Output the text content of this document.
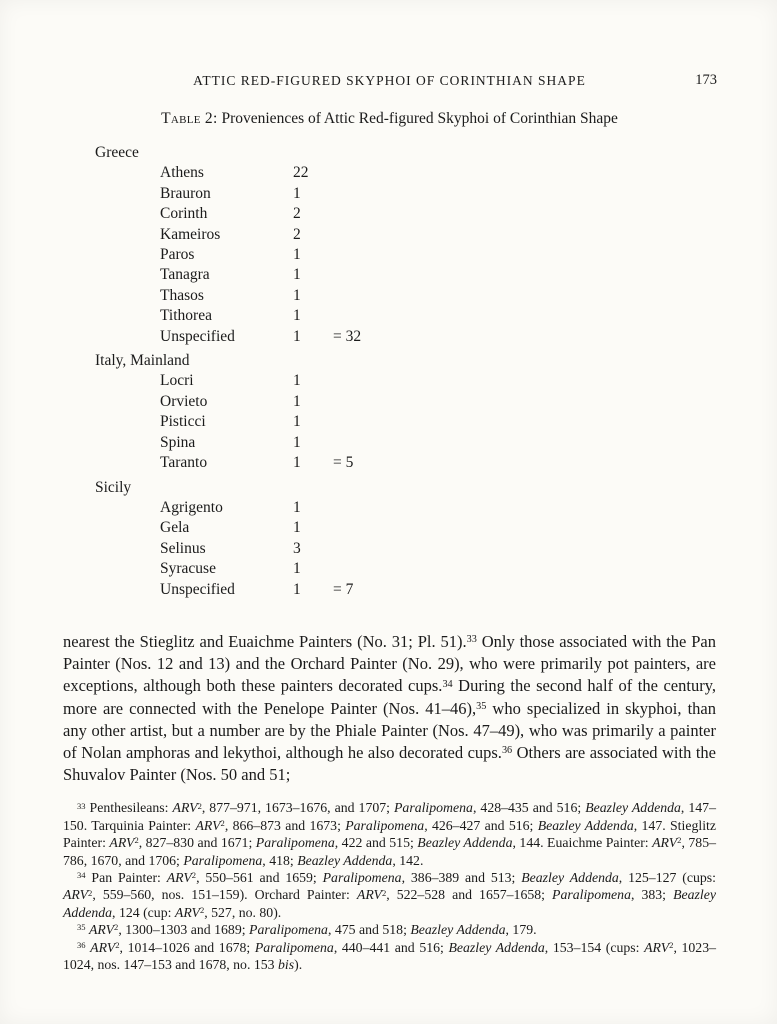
ATTIC RED-FIGURED SKYPHOI OF CORINTHIAN SHAPE	173
Table 2: Proveniences of Attic Red-figured Skyphoi of Corinthian Shape
Greece
Athens	22
Brauron	1
Corinth	2
Kameiros	2
Paros	1
Tanagra	1
Thasos	1
Tithorea	1
Unspecified	1 = 32
Italy, Mainland
Locri	1
Orvieto	1
Pisticci	1
Spina	1
Taranto	1 = 5
Sicily
Agrigento	1
Gela	1
Selinus	3
Syracuse	1
Unspecified	1 = 7

nearest the Stieglitz and Euaichme Painters (No. 31; Pl. 51).$^{33}$ Only those associated with the Pan Painter (Nos. 12 and 13) and the Orchard Painter (No. 29), who were primarily pot painters, are exceptions, although both these painters decorated cups.$^{34}$ During the second half of the century, more are connected with the Penelope Painter (Nos. 41–46),$^{35}$ who specialized in skyphoi, than any other artist, but a number are by the Phiale Painter (Nos. 47–49), who was primarily a painter of Nolan amphoras and lekythoi, although he also decorated cups.$^{36}$ Others are associated with the Shuvalov Painter (Nos. 50 and 51;

$^{33}$ Penthesileans: ARV$^2$, 877–971, 1673–1676, and 1707; Paralipomena, 428–435 and 516; Beazley Addenda, 147–150. Tarquinia Painter: ARV$^2$, 866–873 and 1673; Paralipomena, 426–427 and 516; Beazley Addenda, 147. Stieglitz Painter: ARV$^2$, 827–830 and 1671; Paralipomena, 422 and 515; Beazley Addenda, 144. Euaichme Painter: ARV$^2$, 785–786, 1670, and 1706; Paralipomena, 418; Beazley Addenda, 142.

$^{34}$ Pan Painter: ARV$^2$, 550–561 and 1659; Paralipomena, 386–389 and 513; Beazley Addenda, 125–127 (cups: ARV$^2$, 559–560, nos. 151–159). Orchard Painter: ARV$^2$, 522–528 and 1657–1658; Paralipomena, 383; Beazley Addenda, 124 (cup: ARV$^2$, 527, no. 80).

$^{35}$ ARV$^2$, 1300–1303 and 1689; Paralipomena, 475 and 518; Beazley Addenda, 179.

$^{36}$ ARV$^2$, 1014–1026 and 1678; Paralipomena, 440–441 and 516; Beazley Addenda, 153–154 (cups: ARV$^2$, 1023–1024, nos. 147–153 and 1678, no. 153 bis).
